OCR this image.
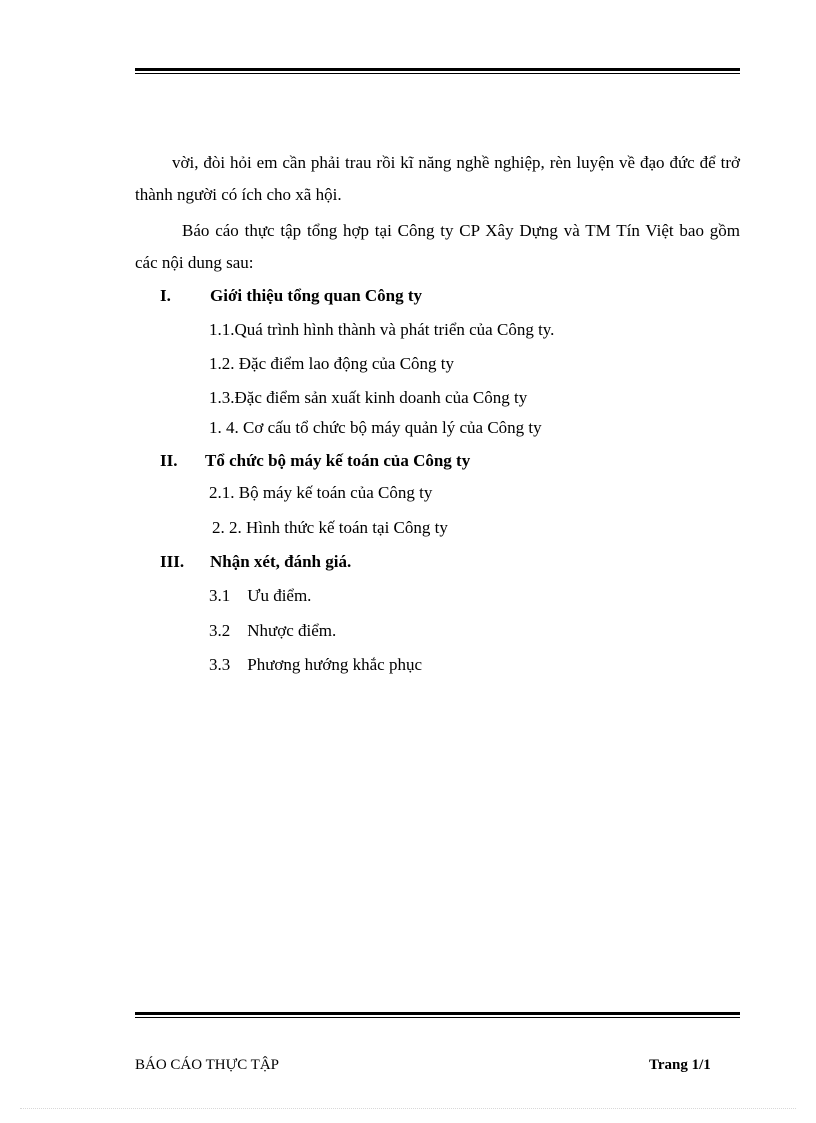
vời, đòi hỏi em cần phải trau rồi kĩ năng nghề nghiệp, rèn luyện về đạo đức để trở thành người có ích cho xã hội.
Báo cáo thực tập tổng hợp tại Công ty CP Xây Dựng và TM Tín Việt bao gồm các nội dung sau:
I. Giới thiệu tổng quan Công ty
1.1.Quá trình hình thành và phát triển của Công ty.
1.2. Đặc điểm lao động của Công ty
1.3.Đặc điểm sản xuất kinh doanh của Công ty
1. 4. Cơ cấu tổ chức bộ máy quản lý của Công ty
II. Tổ chức bộ máy kế toán của Công ty
2.1. Bộ máy kế toán của Công ty
2. 2. Hình thức kế toán tại Công ty
III. Nhận xét, đánh giá.
3.1    Ưu điểm.
3.2    Nhược điểm.
3.3    Phương hướng khắc phục
BÁO CÁO THỰC TẬP	Trang 1/1
